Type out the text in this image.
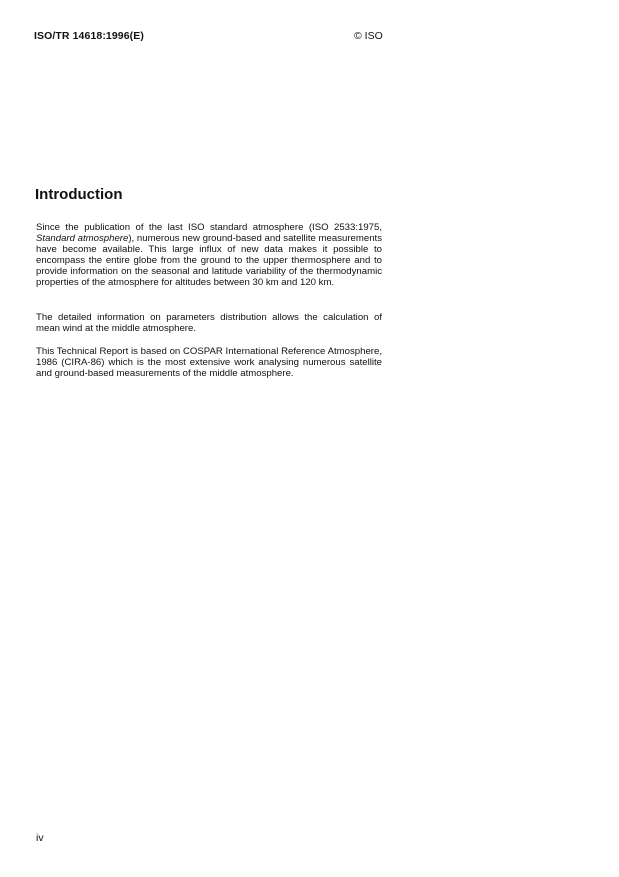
ISO/TR 14618:1996(E)	© ISO
Introduction

Since the publication of the last ISO standard atmosphere (ISO 2533:1975, Standard atmosphere), numerous new ground-based and satellite measurements have become available. This large influx of new data makes it possible to encompass the entire globe from the ground to the upper thermosphere and to provide information on the seasonal and latitude variability of the thermodynamic properties of the atmosphere for altitudes between 30 km and 120 km.

The detailed information on parameters distribution allows the calculation of mean wind at the middle atmosphere.

This Technical Report is based on COSPAR International Reference Atmosphere, 1986 (CIRA-86) which is the most extensive work analysing numerous satellite and ground-based measurements of the middle atmosphere.

iv
